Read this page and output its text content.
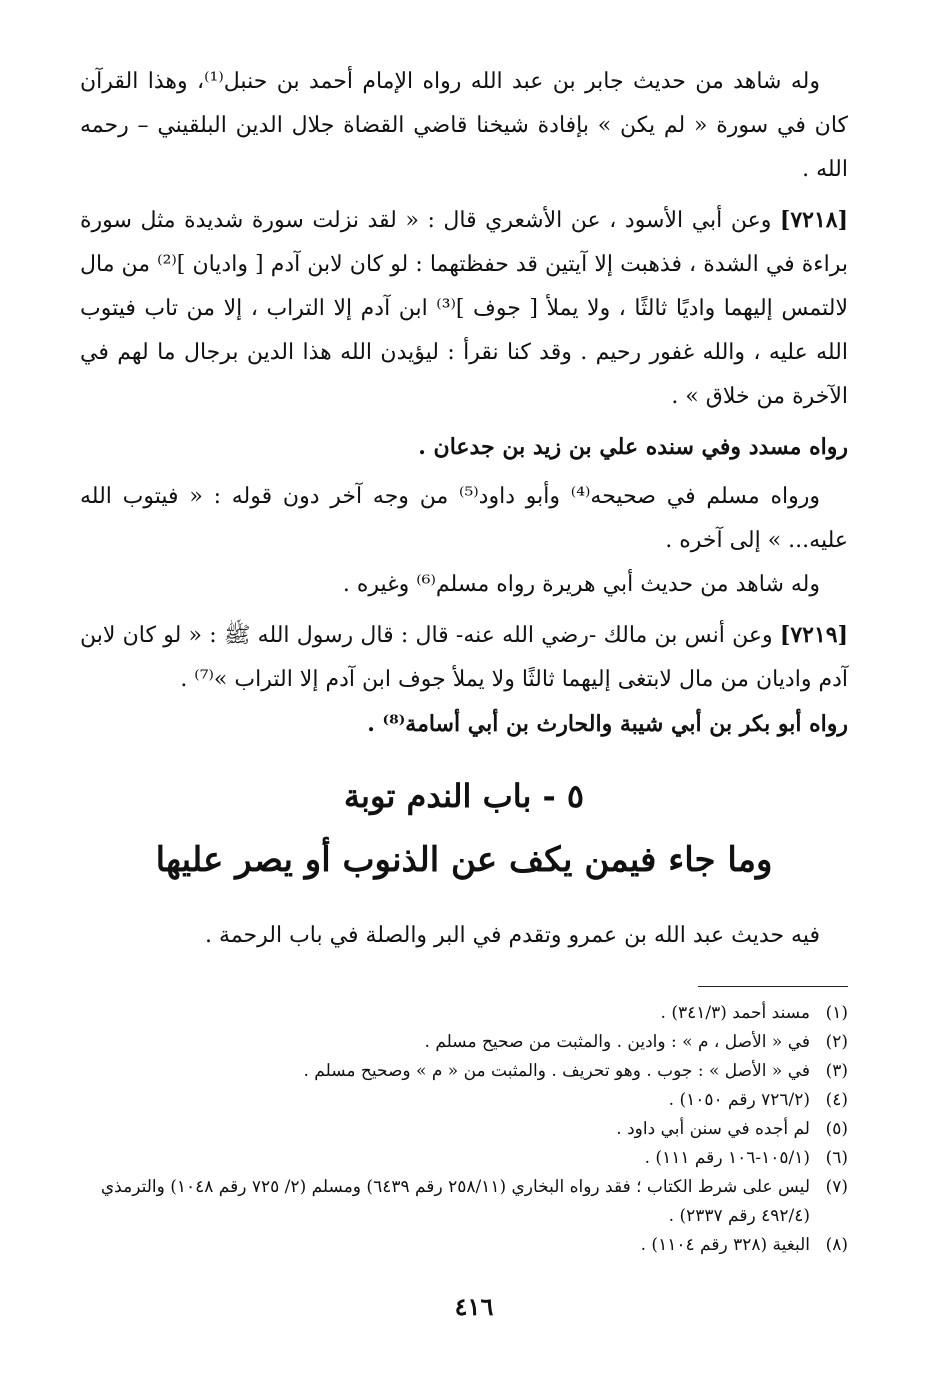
وله شاهد من حديث جابر بن عبد الله رواه الإمام أحمد بن حنبل⁽¹⁾، وهذا القرآن كان في سورة « لم يكن » بإفادة شيخنا قاضي القضاة جلال الدين البلقيني – رحمه الله .

[٧٢١٨] وعن أبي الأسود ، عن الأشعري قال : « لقد نزلت سورة شديدة مثل سورة براءة في الشدة ، فذهبت إلا آيتين قد حفظتهما : لو كان لابن آدم [ واديان ]⁽²⁾ من مال لالتمس إليهما واديًا ثالثًا ، ولا يملأ [ جوف ]⁽³⁾ ابن آدم إلا التراب ، إلا من تاب فيتوب الله عليه ، والله غفور رحيم . وقد كنا نقرأ : ليؤيدن الله هذا الدين برجال ما لهم في الآخرة من خلاق » .

رواه مسدد وفي سنده علي بن زيد بن جدعان .

ورواه مسلم في صحيحه⁽⁴⁾ وأبو داود⁽⁵⁾ من وجه آخر دون قوله : « فيتوب الله عليه... » إلى آخره .

وله شاهد من حديث أبي هريرة رواه مسلم⁽⁶⁾ وغيره .

[٧٢١٩] وعن أنس بن مالك -رضي الله عنه- قال : قال رسول الله ﷺ : « لو كان لابن آدم واديان من مال لابتغى إليهما ثالثًا ولا يملأ جوف ابن آدم إلا التراب »⁽⁷⁾ .

رواه أبو بكر بن أبي شيبة والحارث بن أبي أسامة⁽⁸⁾ .

٥ - باب الندم توبة
وما جاء فيمن يكف عن الذنوب أو يصر عليها

فيه حديث عبد الله بن عمرو وتقدم في البر والصلة في باب الرحمة .

(١)
مسند أحمد (٣٤١/٣) .
(٢)
في « الأصل ، م » : وادين . والمثبت من صحيح مسلم .
(٣)
في « الأصل » : جوب . وهو تحريف . والمثبت من « م » وصحيح مسلم .
(٤)
(٧٢٦/٢ رقم ١٠٥٠) .
(٥)
لم أجده في سنن أبي داود .
(٦)
(١٠٥/١-١٠٦ رقم ١١١) .
(٧)
ليس على شرط الكتاب ؛ فقد رواه البخاري (٢٥٨/١١ رقم ٦٤٣٩) ومسلم (٢/ ٧٢٥ رقم ١٠٤٨) والترمذي (٤٩٢/٤ رقم ٢٣٣٧) .
(٨)
البغية (٣٢٨ رقم ١١٠٤) .
٤١٦
